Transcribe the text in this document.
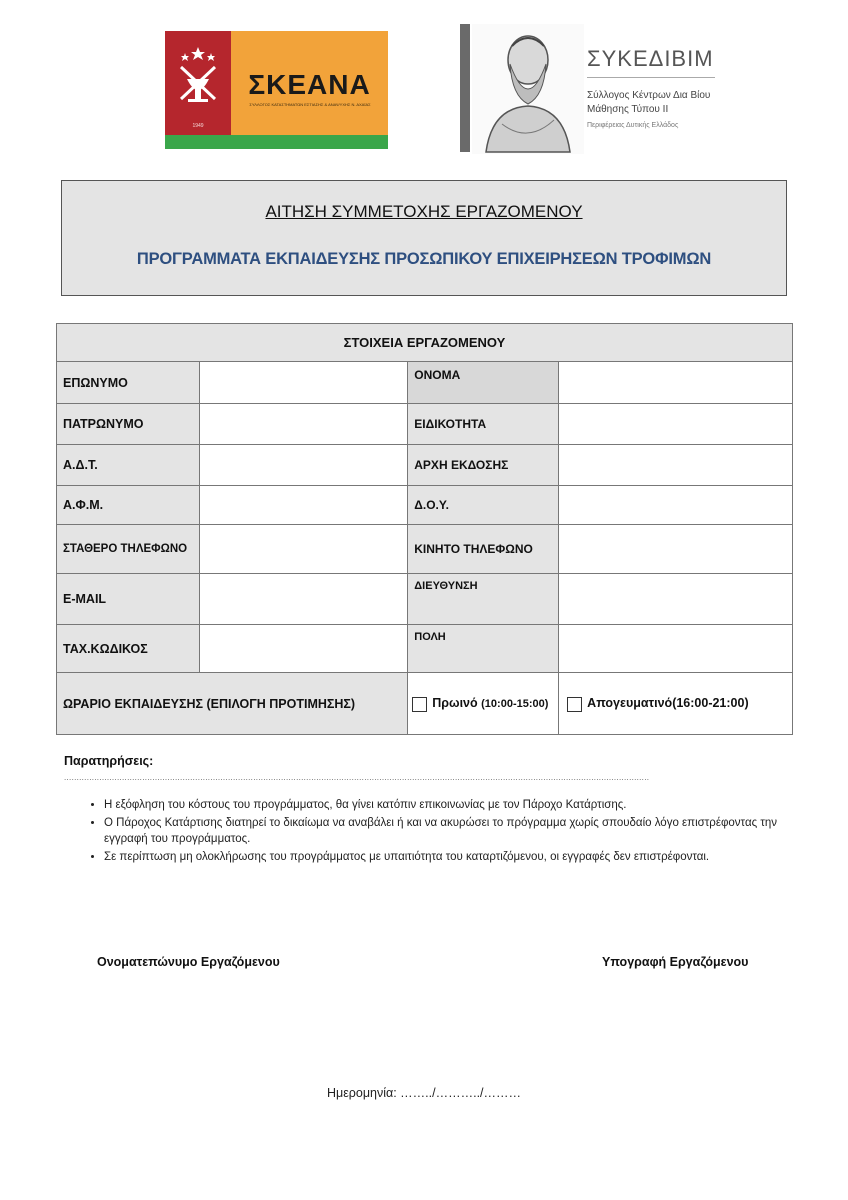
ΣΚΕΑΝΑ
ΣΥΛΛΟΓΟΣ ΚΑΤΑΣΤΗΜΑΤΩΝ ΕΣΤΙΑΣΗΣ & ΑΝΑΨΥΧΗΣ Ν. ΑΧΑΪΑΣ
1949
ΣΥΚΕΔΙΒΙΜ
Σύλλογος Κέντρων Δια Βίου
Μάθησης Τύπου ΙΙ
Περιφέρειας Δυτικής Ελλάδος
ΑΙΤΗΣΗ ΣΥΜΜΕΤΟΧΗΣ ΕΡΓΑΖΟΜΕΝΟΥ
ΠΡΟΓΡΑΜΜΑΤΑ ΕΚΠΑΙΔΕΥΣΗΣ ΠΡΟΣΩΠΙΚΟΥ ΕΠΙΧΕΙΡΗΣΕΩΝ ΤΡΟΦΙΜΩΝ
ΣΤΟΙΧΕΙΑ ΕΡΓΑΖΟΜΕΝΟΥ			
ΕΠΩΝΥΜΟ		ΟΝΟΜΑ	
ΠΑΤΡΩΝΥΜΟ		ΕΙΔΙΚΟΤΗΤΑ	
Α.Δ.Τ.		ΑΡΧΗ ΕΚΔΟΣΗΣ	
Α.Φ.Μ.		Δ.Ο.Υ.	
ΣΤΑΘΕΡΟ ΤΗΛΕΦΩΝΟ		ΚΙΝΗΤΟ ΤΗΛΕΦΩΝΟ	
E-MAIL		ΔΙΕΥΘΥΝΣΗ	
ΤΑΧ.ΚΩΔΙΚΟΣ		ΠΟΛΗ	
ΩΡΑΡΙΟ ΕΚΠΑΙΔΕΥΣΗΣ (ΕΠΙΛΟΓΗ ΠΡΟΤΙΜΗΣΗΣ)		Πρωινό (10:00-15:00)	Απογευματινό(16:00-21:00)
Παρατηρήσεις:
........................................................................................................................................................................................................................................
• Η εξόφληση του κόστους του προγράμματος, θα γίνει κατόπιν επικοινωνίας με τον Πάροχο Κατάρτισης.
• Ο Πάροχος Κατάρτισης διατηρεί το δικαίωμα να αναβάλει ή και να ακυρώσει το πρόγραμμα χωρίς σπουδαίο λόγο επιστρέφοντας την εγγραφή του προγράμματος.
• Σε περίπτωση μη ολοκλήρωσης του προγράμματος με υπαιτιότητα του καταρτιζόμενου, οι εγγραφές δεν επιστρέφονται.
Ονοματεπώνυμο Εργαζόμενου	Υπογραφή Εργαζόμενου
Ημερομηνία: ……../………../………
